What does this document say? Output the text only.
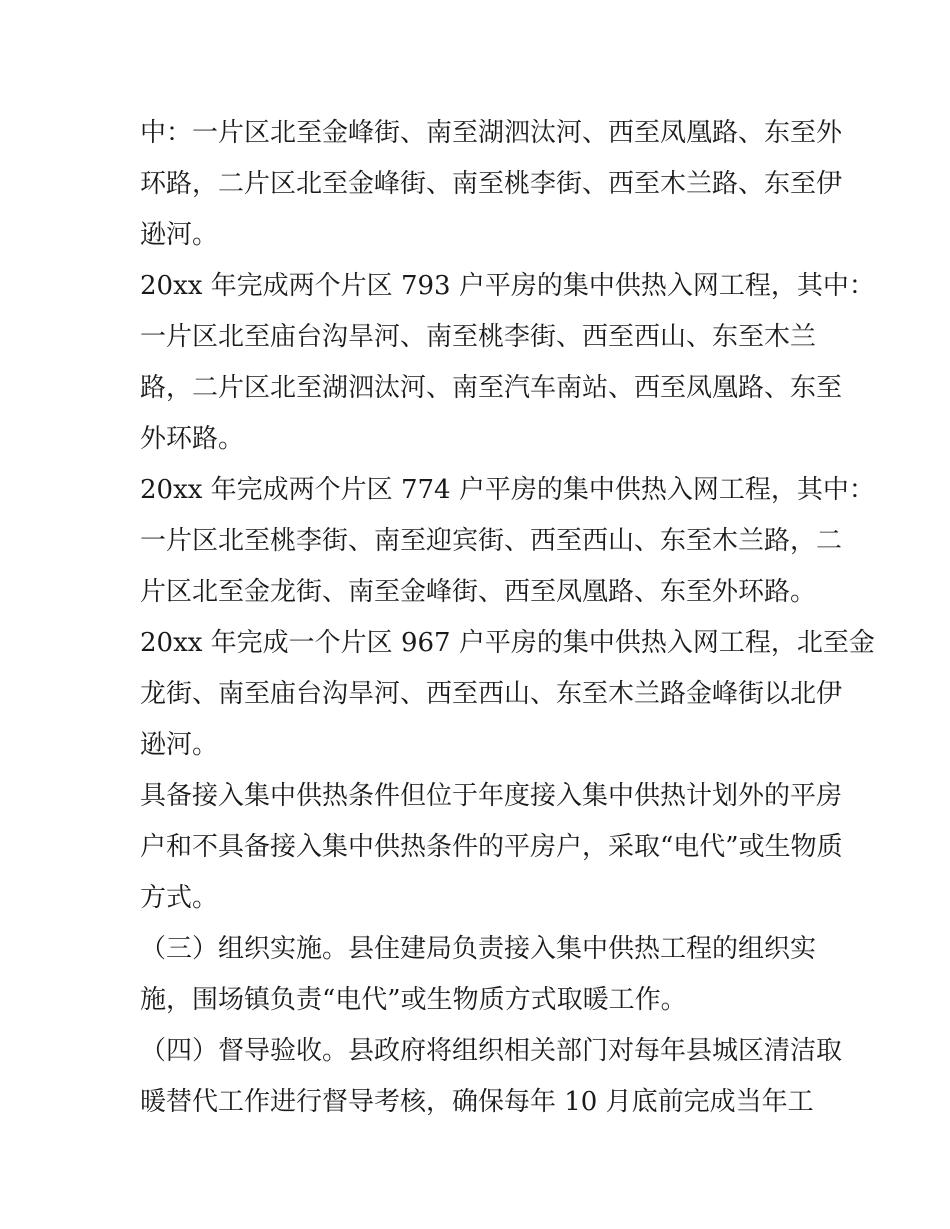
中：一片区北至金峰街、南至湖泗汰河、西至凤凰路、东至外
环路，二片区北至金峰街、南至桃李街、西至木兰路、东至伊
逊河。
20xx 年完成两个片区 793 户平房的集中供热入网工程，其中：
一片区北至庙台沟旱河、南至桃李街、西至西山、东至木兰
路，二片区北至湖泗汰河、南至汽车南站、西至凤凰路、东至
外环路。
20xx 年完成两个片区 774 户平房的集中供热入网工程，其中：
一片区北至桃李街、南至迎宾街、西至西山、东至木兰路，二
片区北至金龙街、南至金峰街、西至凤凰路、东至外环路。
20xx 年完成一个片区 967 户平房的集中供热入网工程，北至金
龙街、南至庙台沟旱河、西至西山、东至木兰路金峰街以北伊
逊河。
具备接入集中供热条件但位于年度接入集中供热计划外的平房
户和不具备接入集中供热条件的平房户，采取“电代”或生物质
方式。
（三）组织实施。县住建局负责接入集中供热工程的组织实
施，围场镇负责“电代”或生物质方式取暖工作。
（四）督导验收。县政府将组织相关部门对每年县城区清洁取
暖替代工作进行督导考核，确保每年 10 月底前完成当年工
